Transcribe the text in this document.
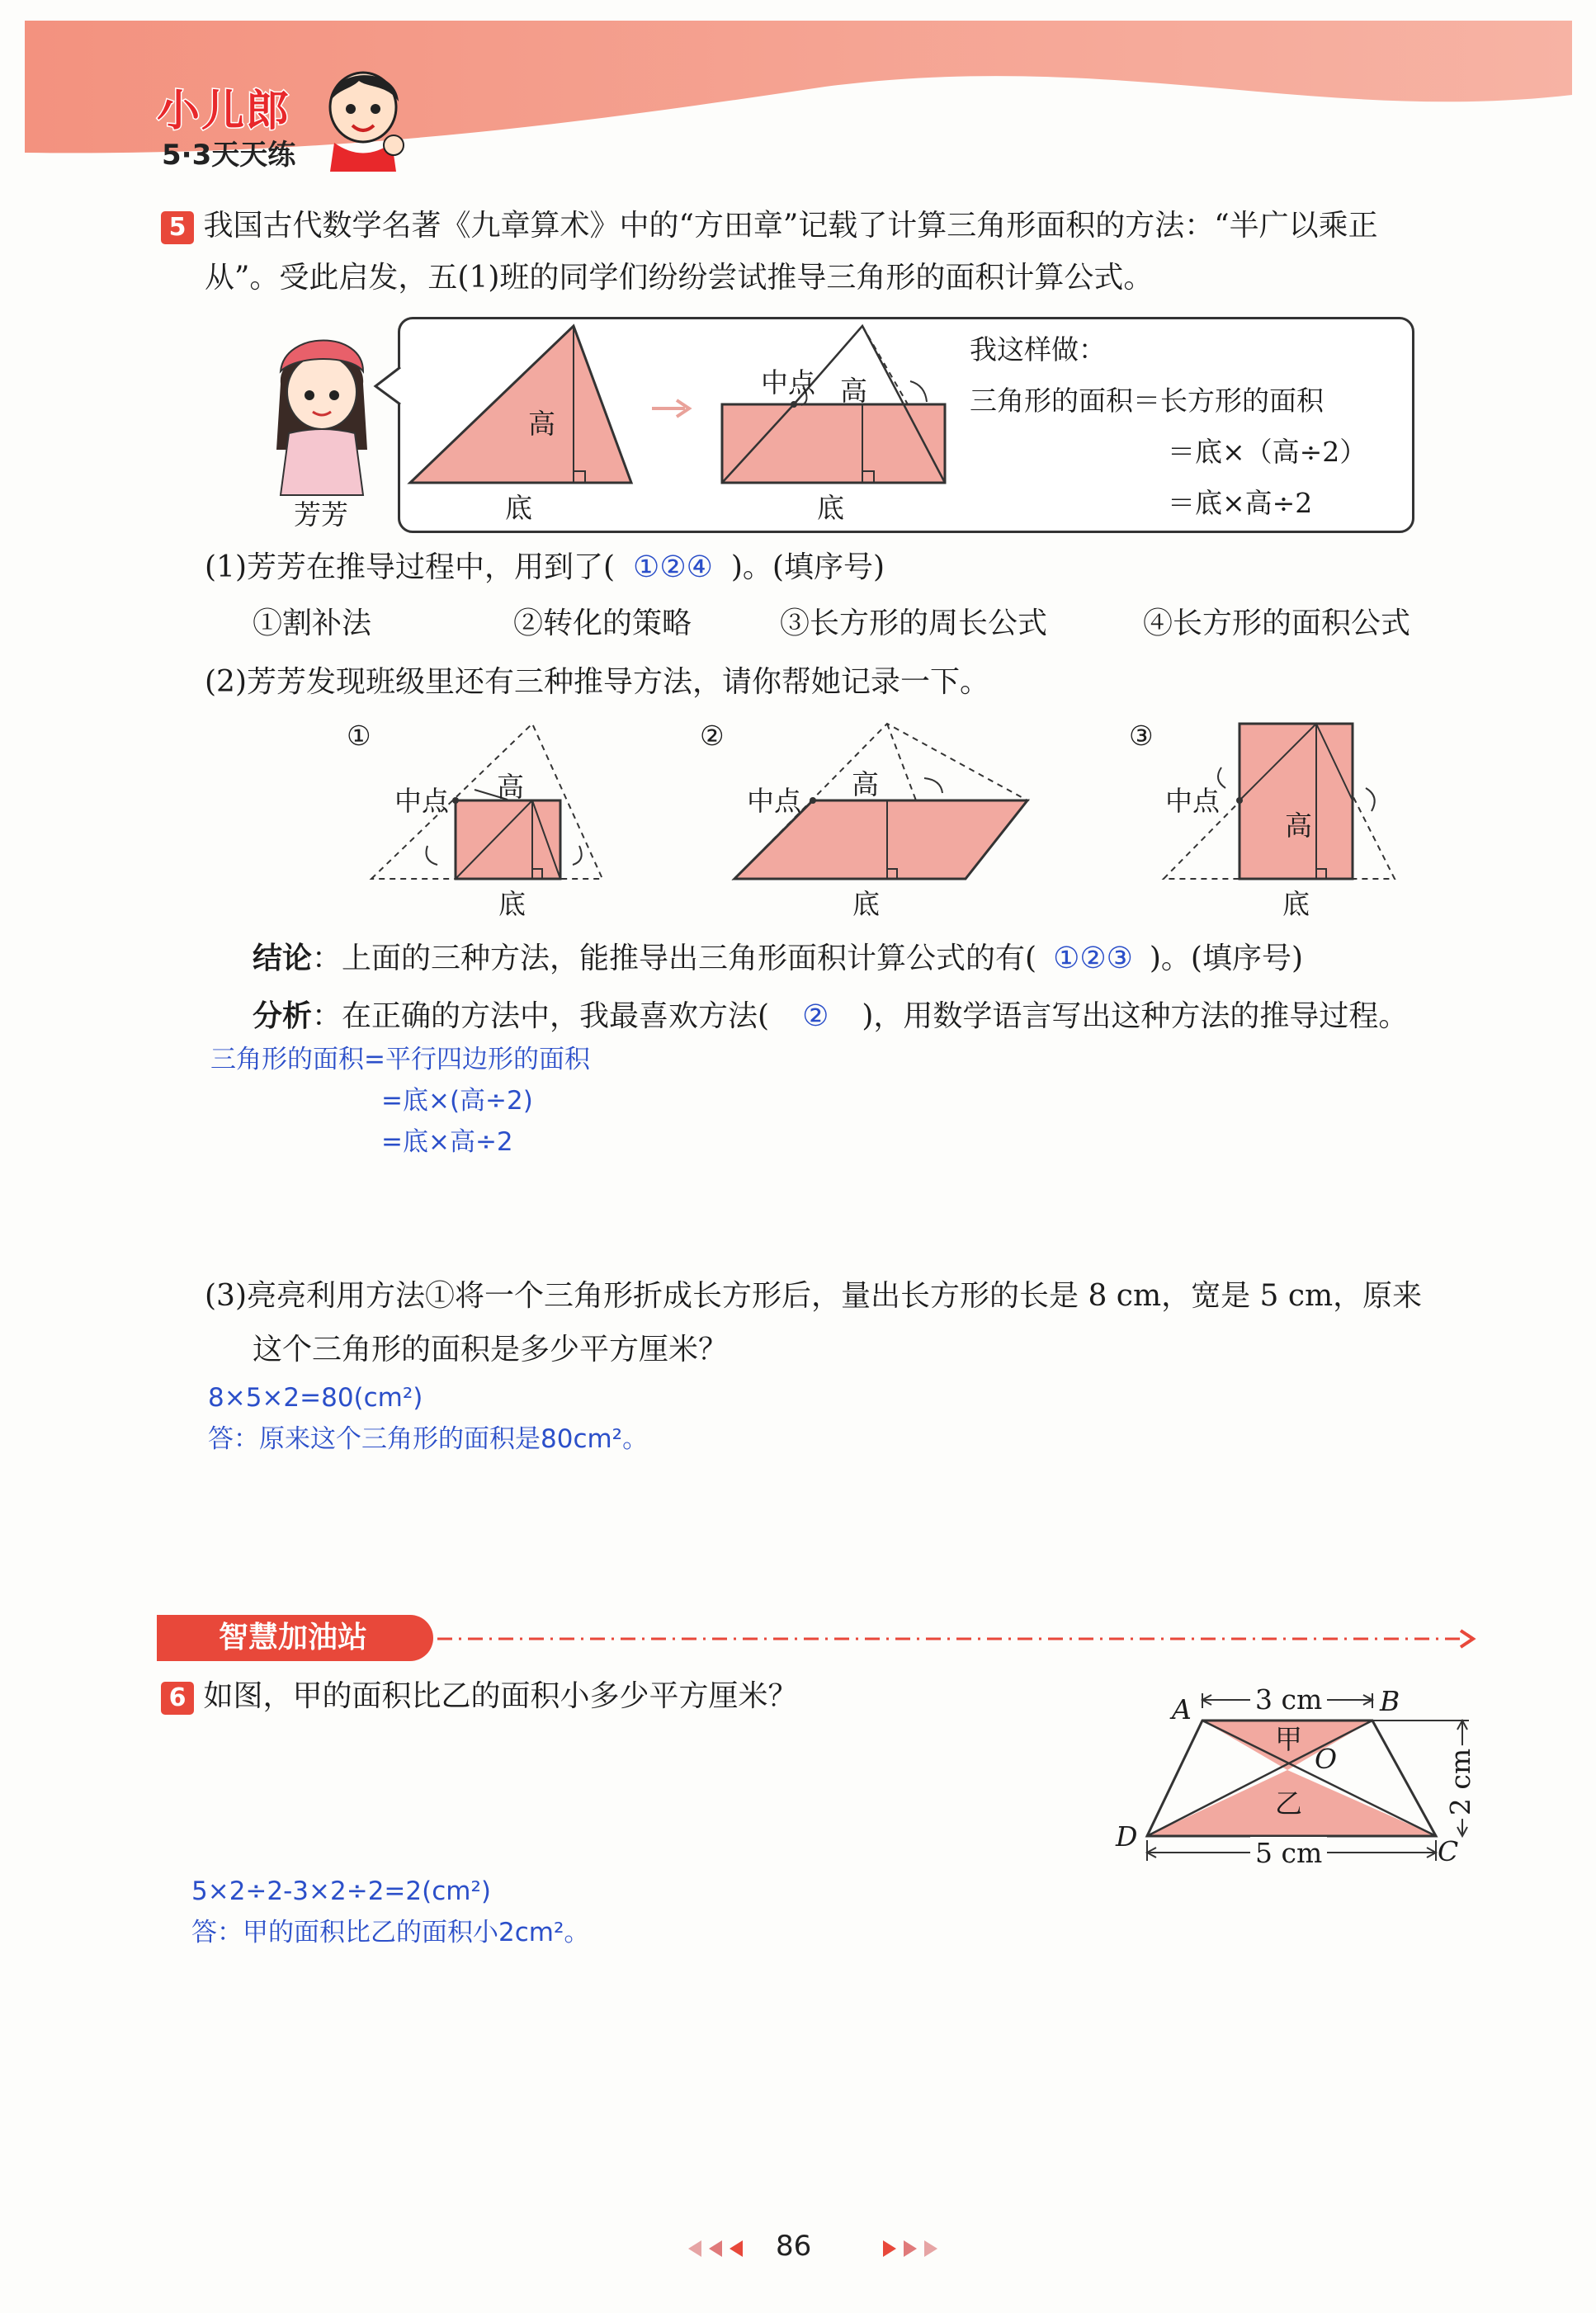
小儿郎
5·3天天练
5 我国古代数学名著《九章算术》中的“方田章”记载了计算三角形面积的方法：“半广以乘正
从”。受此启发，五(1)班的同学们纷纷尝试推导三角形的面积计算公式。
芳芳
高
底
中点 高
底
我这样做：
三角形的面积＝长方形的面积
＝底×（高÷2）
＝底×高÷2
(1)芳芳在推导过程中，用到了( ①②④ )。(填序号)
①割补法	②转化的策略	③长方形的周长公式	④长方形的面积公式
(2)芳芳发现班级里还有三种推导方法，请你帮她记录一下。
①
中点 高
底
②
中点
高
底
③
中点
高
底
结论：上面的三种方法，能推导出三角形面积计算公式的有( ①②③ )。(填序号)
分析：在正确的方法中，我最喜欢方法( ② )，用数学语言写出这种方法的推导过程。
三角形的面积=平行四边形的面积
=底×(高÷2)
=底×高÷2
(3)亮亮利用方法①将一个三角形折成长方形后，量出长方形的长是 8 cm，宽是 5 cm，原来
这个三角形的面积是多少平方厘米？
8×5×2=80(cm²)
答：原来这个三角形的面积是80cm²。
智慧加油站
6 如图，甲的面积比乙的面积小多少平方厘米？	A	B
C
D
O
3 cm
5 cm
2 cm
甲
乙
5×2÷2-3×2÷2=2(cm²)
答：甲的面积比乙的面积小2cm²。
86
